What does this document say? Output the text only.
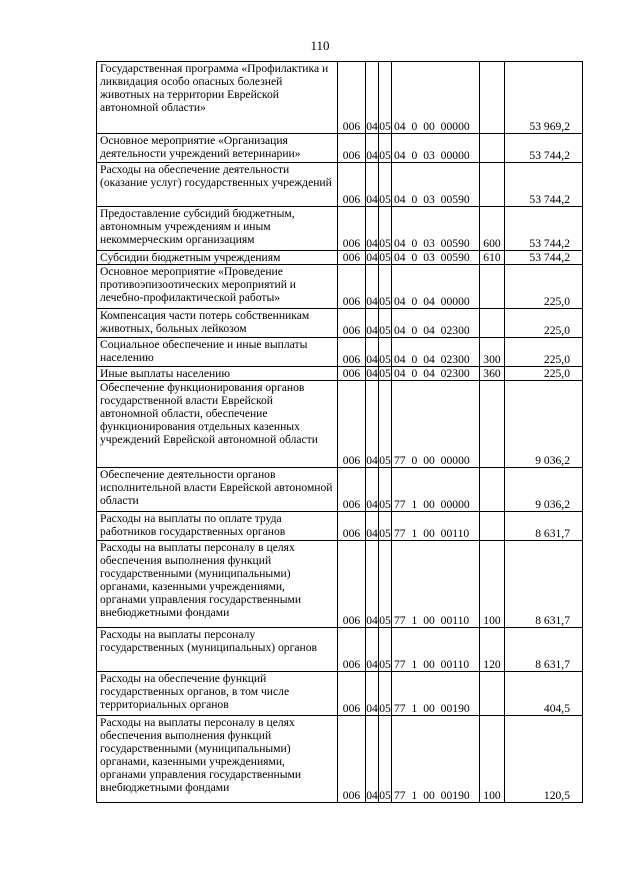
110
Государственная программа «Профилактика и ликвидация особо опасных болезней животных на территории Еврейской автономной области»	006	04	05	04 0 00 00000		53 969,2
Основное мероприятие «Организация деятельности учреждений ветеринарии»	006	04	05	04 0 03 00000		53 744,2
Расходы на обеспечение деятельности (оказание услуг) государственных учреждений	006	04	05	04 0 03 00590		53 744,2
Предоставление субсидий бюджетным, автономным учреждениям и иным некоммерческим организациям	006	04	05	04 0 03 00590	600	53 744,2
Субсидии бюджетным учреждениям	006	04	05	04 0 03 00590	610	53 744,2
Основное мероприятие «Проведение противоэпизоотических мероприятий и лечебно-профилактической работы»	006	04	05	04 0 04 00000		225,0
Компенсация части потерь собственникам животных, больных лейкозом	006	04	05	04 0 04 02300		225,0
Социальное обеспечение и иные выплаты населению	006	04	05	04 0 04 02300	300	225,0
Иные выплаты населению	006	04	05	04 0 04 02300	360	225,0
Обеспечение функционирования органов государственной власти Еврейской автономной области, обеспечение функционирования отдельных казенных учреждений Еврейской автономной области	006	04	05	77 0 00 00000		9 036,2
Обеспечение деятельности органов исполнительной власти Еврейской автономной области	006	04	05	77 1 00 00000		9 036,2
Расходы на выплаты по оплате труда работников государственных органов	006	04	05	77 1 00 00110		8 631,7
Расходы на выплаты персоналу в целях обеспечения выполнения функций государственными (муниципальными) органами, казенными учреждениями, органами управления государственными внебюджетными фондами	006	04	05	77 1 00 00110	100	8 631,7
Расходы на выплаты персоналу государственных (муниципальных) органов	006	04	05	77 1 00 00110	120	8 631,7
Расходы на обеспечение функций государственных органов, в том числе территориальных органов	006	04	05	77 1 00 00190		404,5
Расходы на выплаты персоналу в целях обеспечения выполнения функций государственными (муниципальными) органами, казенными учреждениями, органами управления государственными внебюджетными фондами	006	04	05	77 1 00 00190	100	120,5
